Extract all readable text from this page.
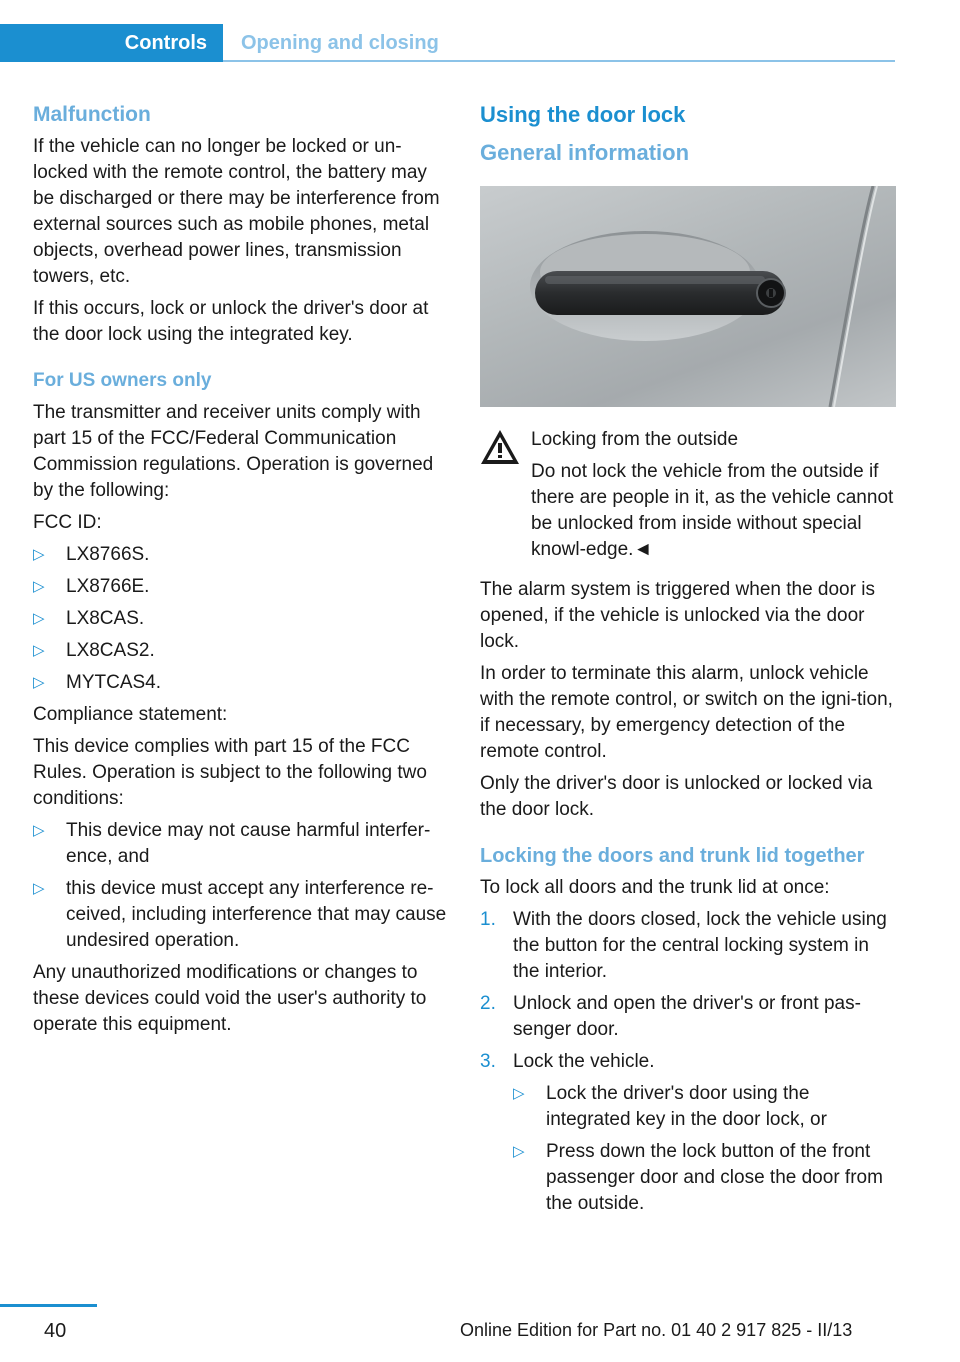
Controls	Opening and closing
Malfunction

If the vehicle can no longer be locked or un-locked with the remote control, the battery may be discharged or there may be interference from external sources such as mobile phones, metal objects, overhead power lines, transmission towers, etc.

If this occurs, lock or unlock the driver's door at the door lock using the integrated key.

For US owners only

The transmitter and receiver units comply with part 15 of the FCC/Federal Communication Commission regulations. Operation is governed by the following:

FCC ID:

▷ LX8766S.
▷ LX8766E.
▷ LX8CAS.
▷ LX8CAS2.
▷ MYTCAS4.

Compliance statement:

This device complies with part 15 of the FCC Rules. Operation is subject to the following two conditions:

▷ This device may not cause harmful interfer-ence, and
▷ this device must accept any interference re-ceived, including interference that may cause undesired operation.

Any unauthorized modifications or changes to these devices could void the user's authority to operate this equipment.

Using the door lock
General information

Locking from the outside

Do not lock the vehicle from the outside if there are people in it, as the vehicle cannot be unlocked from inside without special knowl-edge.◄

The alarm system is triggered when the door is opened, if the vehicle is unlocked via the door lock.

In order to terminate this alarm, unlock vehicle with the remote control, or switch on the igni-tion, if necessary, by emergency detection of the remote control.

Only the driver's door is unlocked or locked via the door lock.

Locking the doors and trunk lid together

To lock all doors and the trunk lid at once:

1. With the doors closed, lock the vehicle using the button for the central locking system in the interior.
2. Unlock and open the driver's or front pas-senger door.
3. Lock the vehicle.
▷ Lock the driver's door using the integrated key in the door lock, or
▷ Press down the lock button of the front passenger door and close the door from the outside.
40	Online Edition for Part no. 01 40 2 917 825 - II/13
